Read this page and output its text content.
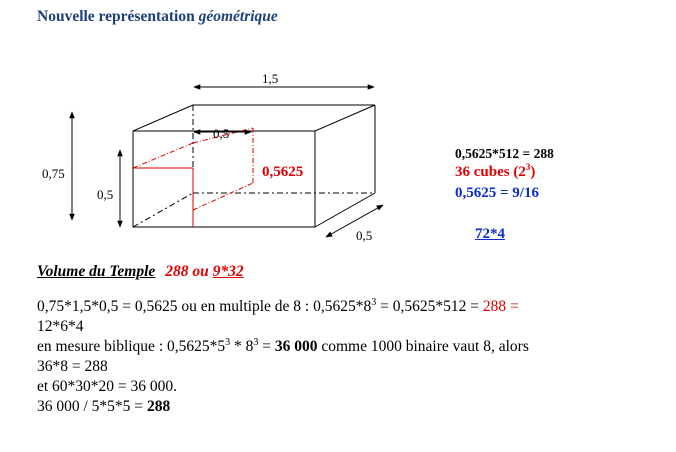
Nouvelle représentation géométrique
1,5
0,75
0,5
0,5
0,5
0,5625
0,5625*512 = 288
36 cubes $(2^3)$
0,5625 = 9/16
72*4
Volume du Temple 288 ou 9*32
0,75*1,5*0,5 = 0,5625 ou en multiple de 8 : $0,5625*8^3 = 0,5625*512 = 288$ =
12*6*4
en mesure biblique : $0,5625*5^3 * 8^3 = 36$ 000 comme 1000 binaire vaut 8, alors
36*8 = 288
et 60*30*20 = 36 000.
36 000 / 5*5*5 = 288
